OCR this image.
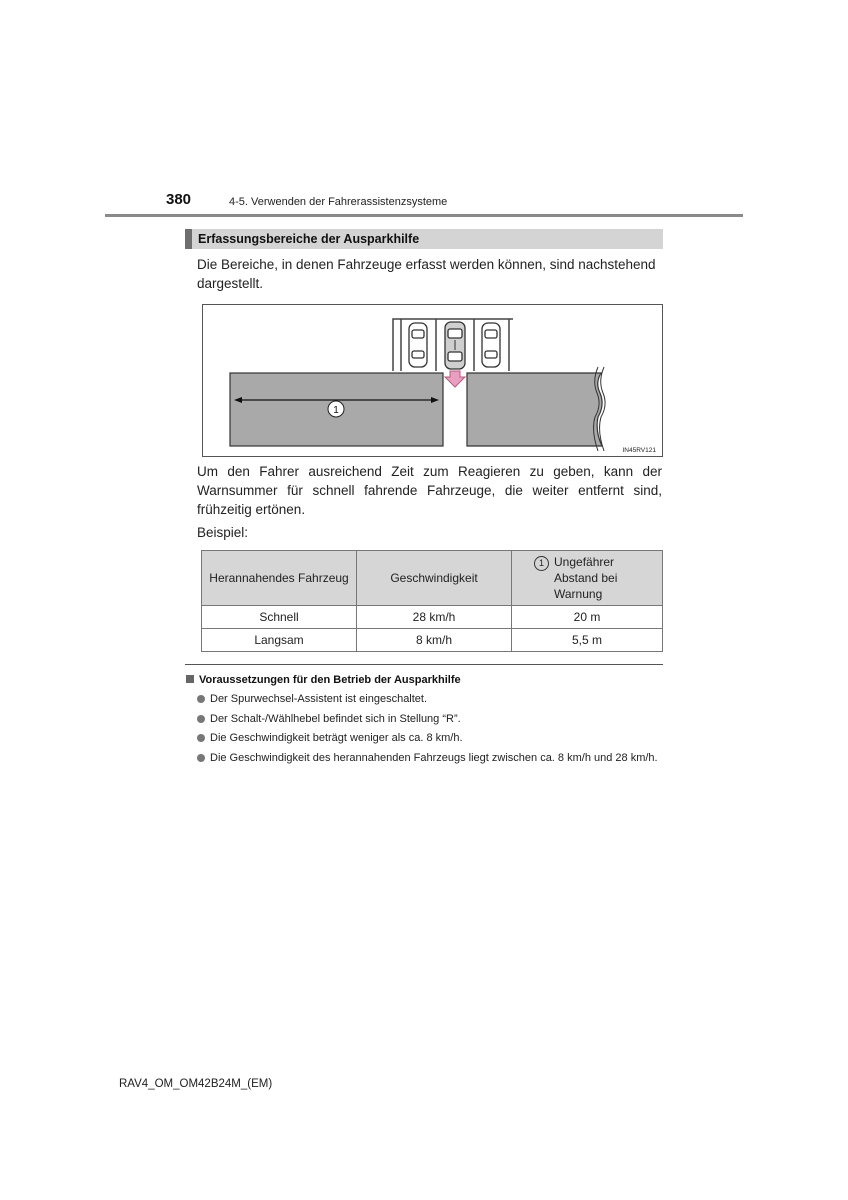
380	4-5. Verwenden der Fahrerassistenzsysteme
Erfassungsbereiche der Ausparkhilfe
Die Bereiche, in denen Fahrzeuge erfasst werden können, sind nachstehend dargestellt.
1
IN45RV121
Um den Fahrer ausreichend Zeit zum Reagieren zu geben, kann der Warnsummer für schnell fahrende Fahrzeuge, die weiter entfernt sind, frühzeitig ertönen.
Beispiel:
Herannahendes Fahrzeug	Geschwindigkeit	1 Ungefährer
Abstand bei
Warnung

Schnell	28 km/h	20 m
Langsam	8 km/h	5,5 m
Voraussetzungen für den Betrieb der Ausparkhilfe
Der Spurwechsel-Assistent ist eingeschaltet.
Der Schalt-/Wählhebel befindet sich in Stellung “R”.
Die Geschwindigkeit beträgt weniger als ca. 8 km/h.
Die Geschwindigkeit des herannahenden Fahrzeugs liegt zwischen ca. 8 km/h und 28 km/h.
RAV4_OM_OM42B24M_(EM)
